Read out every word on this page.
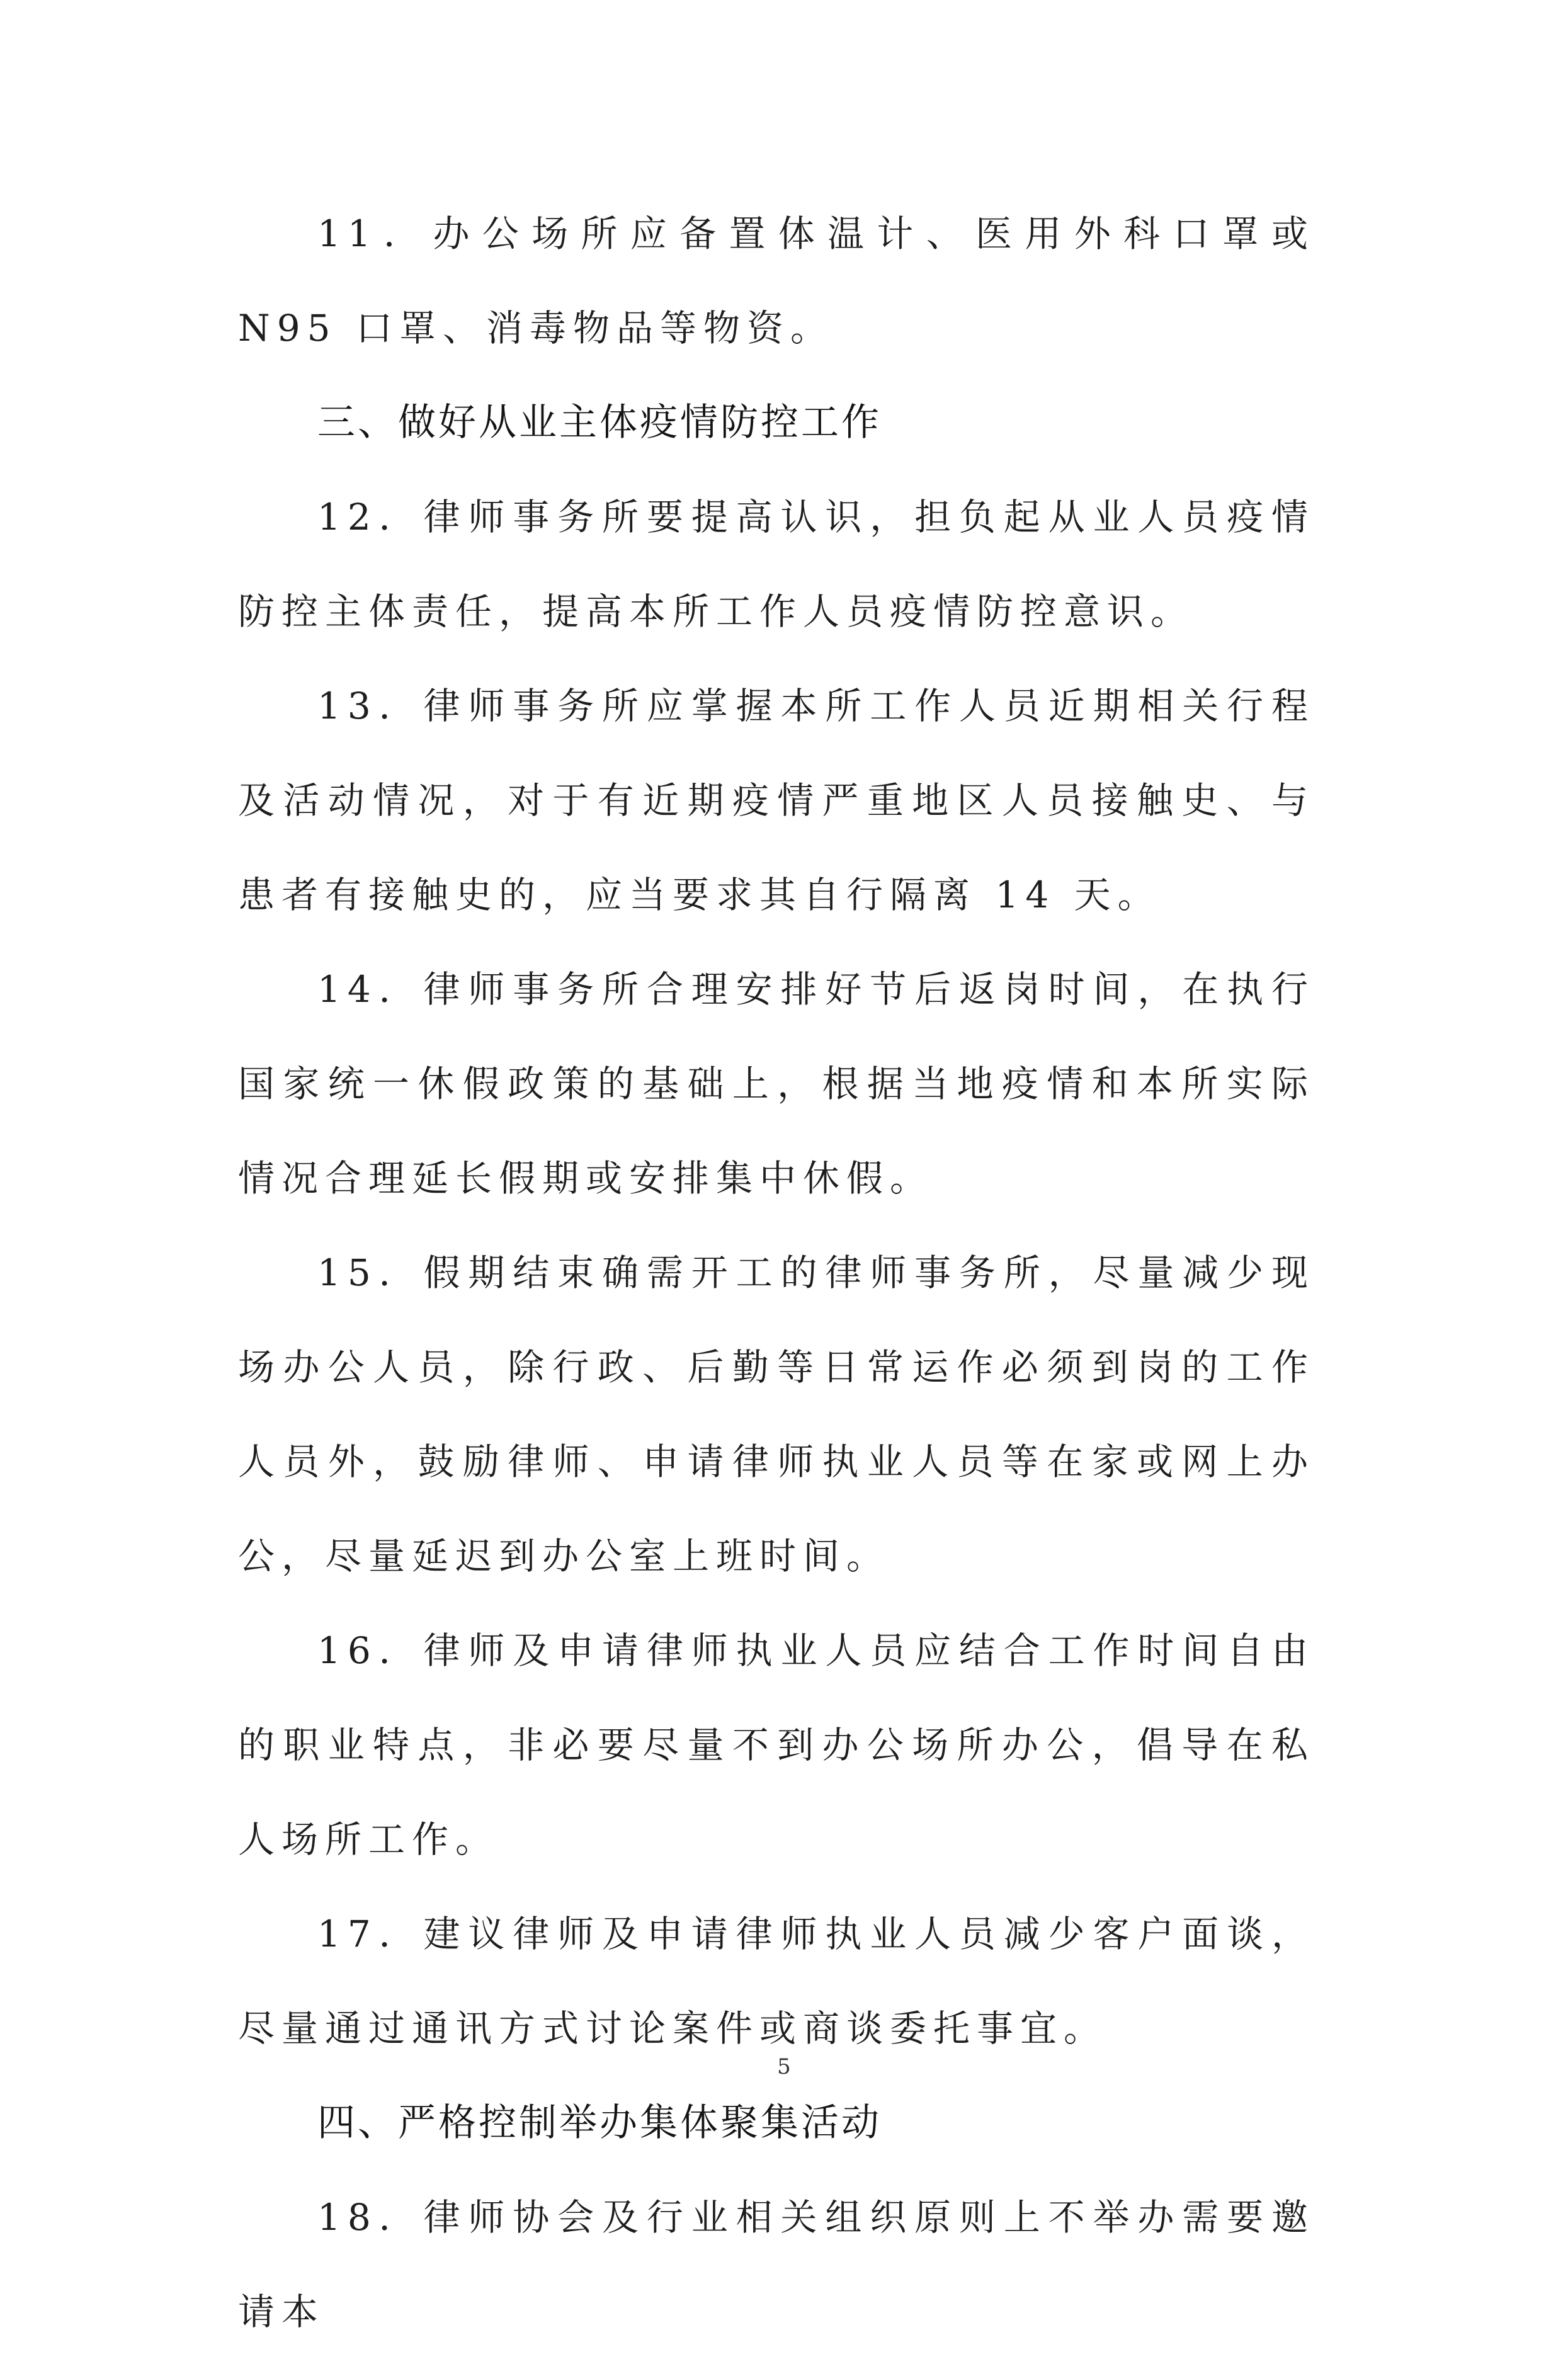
11．办公场所应备置体温计、医用外科口罩或 N95 口罩、消毒物品等物资。

三、做好从业主体疫情防控工作

12．律师事务所要提高认识，担负起从业人员疫情防控主体责任，提高本所工作人员疫情防控意识。

13．律师事务所应掌握本所工作人员近期相关行程及活动情况，对于有近期疫情严重地区人员接触史、与患者有接触史的，应当要求其自行隔离 14 天。

14．律师事务所合理安排好节后返岗时间，在执行国家统一休假政策的基础上，根据当地疫情和本所实际情况合理延长假期或安排集中休假。

15．假期结束确需开工的律师事务所，尽量减少现场办公人员，除行政、后勤等日常运作必须到岗的工作人员外，鼓励律师、申请律师执业人员等在家或网上办公，尽量延迟到办公室上班时间。

16．律师及申请律师执业人员应结合工作时间自由的职业特点，非必要尽量不到办公场所办公，倡导在私人场所工作。

17．建议律师及申请律师执业人员减少客户面谈，尽量通过通讯方式讨论案件或商谈委托事宜。

四、严格控制举办集体聚集活动

18．律师协会及行业相关组织原则上不举办需要邀请本

5
